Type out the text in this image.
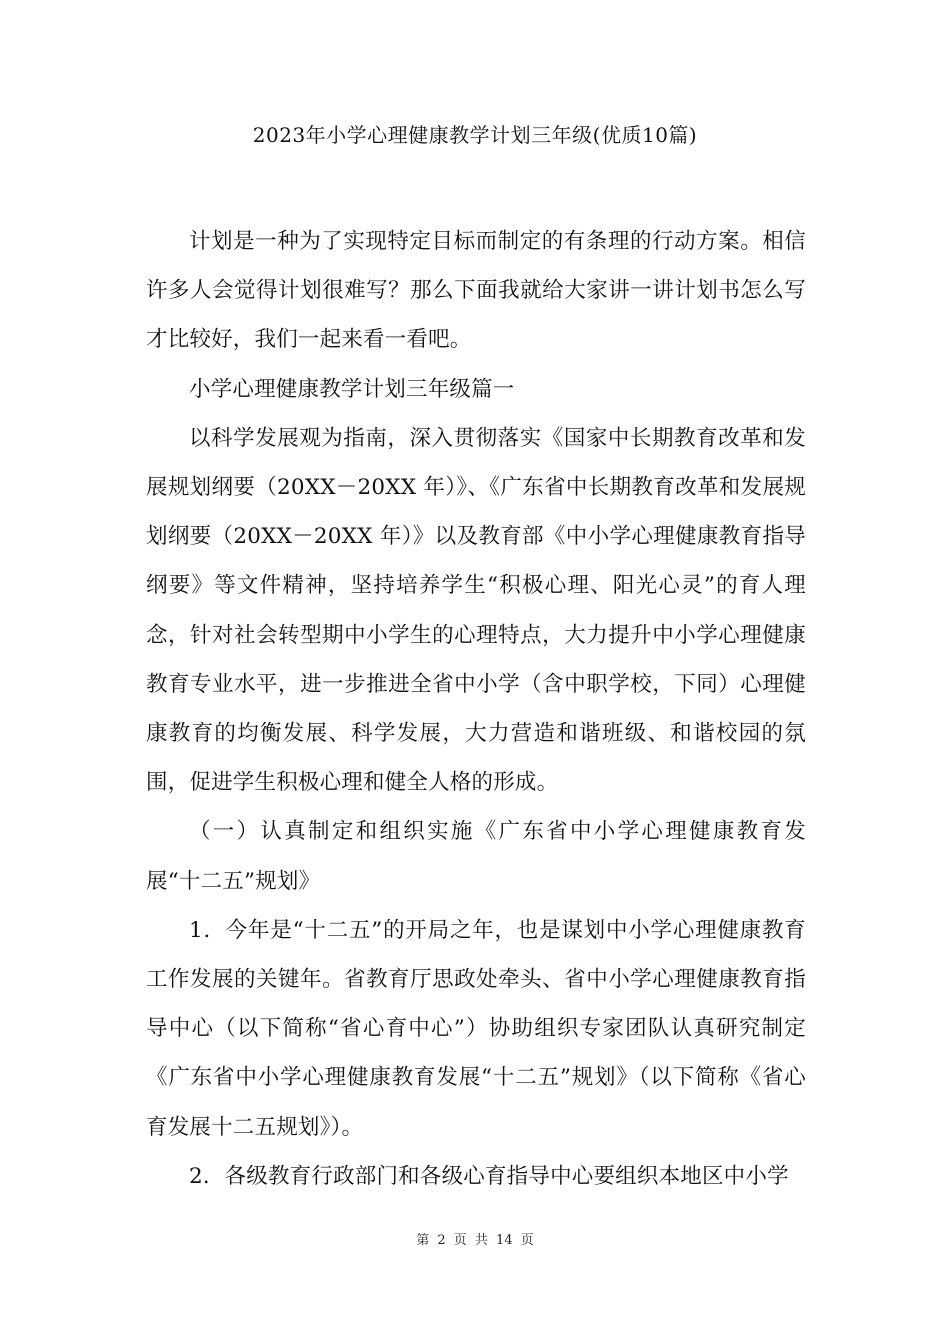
2023年小学心理健康教学计划三年级(优质10篇)

计划是一种为了实现特定目标而制定的有条理的行动方案。相信许多人会觉得计划很难写？那么下面我就给大家讲一讲计划书怎么写才比较好，我们一起来看一看吧。

小学心理健康教学计划三年级篇一

以科学发展观为指南，深入贯彻落实《国家中长期教育改革和发展规划纲要（20XX－20XX 年）》、《广东省中长期教育改革和发展规划纲要（20XX－20XX 年）》以及教育部《中小学心理健康教育指导纲要》等文件精神，坚持培养学生“积极心理、阳光心灵”的育人理念，针对社会转型期中小学生的心理特点，大力提升中小学心理健康教育专业水平，进一步推进全省中小学（含中职学校，下同）心理健康教育的均衡发展、科学发展，大力营造和谐班级、和谐校园的氛围，促进学生积极心理和健全人格的形成。

（一）认真制定和组织实施《广东省中小学心理健康教育发展“十二五”规划》

1．今年是“十二五”的开局之年，也是谋划中小学心理健康教育工作发展的关键年。省教育厅思政处牵头、省中小学心理健康教育指导中心（以下简称“省心育中心”）协助组织专家团队认真研究制定《广东省中小学心理健康教育发展“十二五”规划》（以下简称《省心育发展十二五规划》）。

2．各级教育行政部门和各级心育指导中心要组织本地区中小学

第 2 页 共 14 页
